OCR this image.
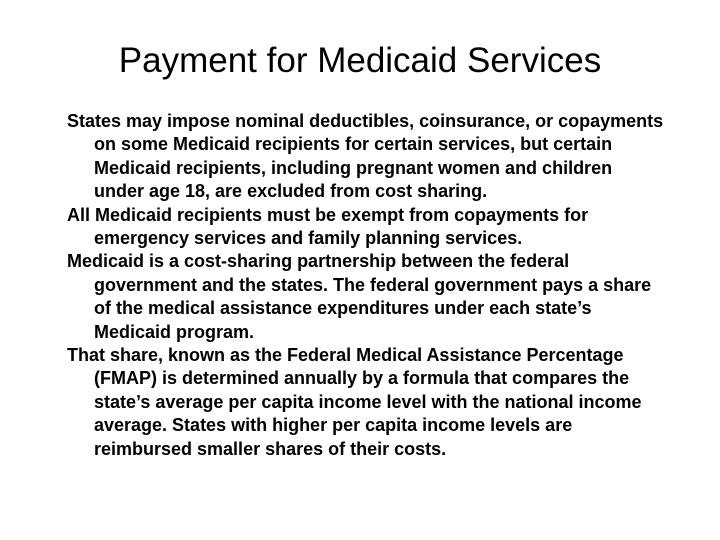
Payment for Medicaid Services
States may impose nominal deductibles, coinsurance, or copayments on some Medicaid recipients for certain services, but certain Medicaid recipients, including pregnant women and children under age 18, are excluded from cost sharing.
All Medicaid recipients must be exempt from copayments for emergency services and family planning services.
Medicaid is a cost-sharing partnership between the federal government and the states. The federal government pays a share of the medical assistance expenditures under each state’s Medicaid program.
That share, known as the Federal Medical Assistance Percentage (FMAP) is determined annually by a formula that compares the state’s average per capita income level with the national income average. States with higher per capita income levels are reimbursed smaller shares of their costs.
